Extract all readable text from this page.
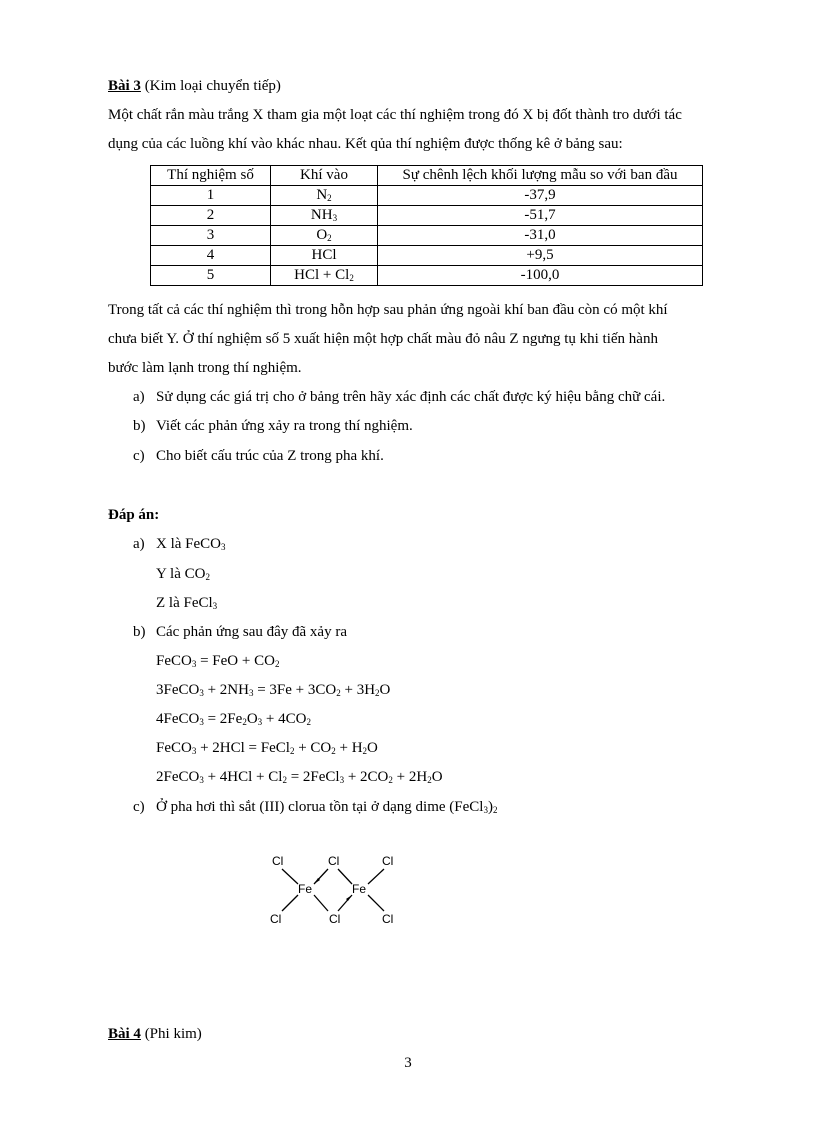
Bài 3 (Kim loại chuyển tiếp)
Một chất rắn màu trắng X tham gia một loạt các thí nghiệm trong đó X bị đốt thành tro dưới tác
dụng của các luồng khí vào khác nhau. Kết qủa thí nghiệm được thống kê ở bảng sau:
Thí nghiệm số	Khí vào	Sự chênh lệch khối lượng mẫu so với ban đầu
1	$N_2$	-37,9
2	$NH_3$	-51,7
3	$O_2$	-31,0
4	HCl	+9,5
5	HCl + $Cl_2$	-100,0
Trong tất cả các thí nghiệm thì trong hỗn hợp sau phản ứng ngoài khí ban đầu còn có một khí
chưa biết Y. Ở thí nghiệm số 5 xuất hiện một hợp chất màu đỏ nâu Z ngưng tụ khi tiến hành
bước làm lạnh trong thí nghiệm.
a) Sử dụng các giá trị cho ở bảng trên hãy xác định các chất được ký hiệu bằng chữ cái.
b) Viết các phản ứng xảy ra trong thí nghiệm.
c) Cho biết cấu trúc của Z trong pha khí.
Đáp án:
a) X là FeCO$_3$
Y là $CO_2$
Z là FeCl$_3$
b) Các phản ứng sau đây đã xảy ra
FeCO$_3$ = FeO + $CO_2$
3FeCO$_3$ + $2NH_3 = 3Fe + 3CO_2 + 3H_2O$
4FeCO$_3$ = $2Fe_2O_3 + 4CO_2$
FeCO$_3$ + 2HCl = FeCl$_2$ + $CO_2 + H_2O$
2FeCO$_3$ + $4HCl + Cl_2$ = 2FeCl$_3$ + $2CO_2 + 2H_2O$
c) Ở pha hơi thì sắt (III) clorua tồn tại ở dạng dime $(FeCl_3)_2$
Cl	Cl	Cl
Fe	Fe
Cl	Cl	Cl
Bài 4 (Phi kim)
3
